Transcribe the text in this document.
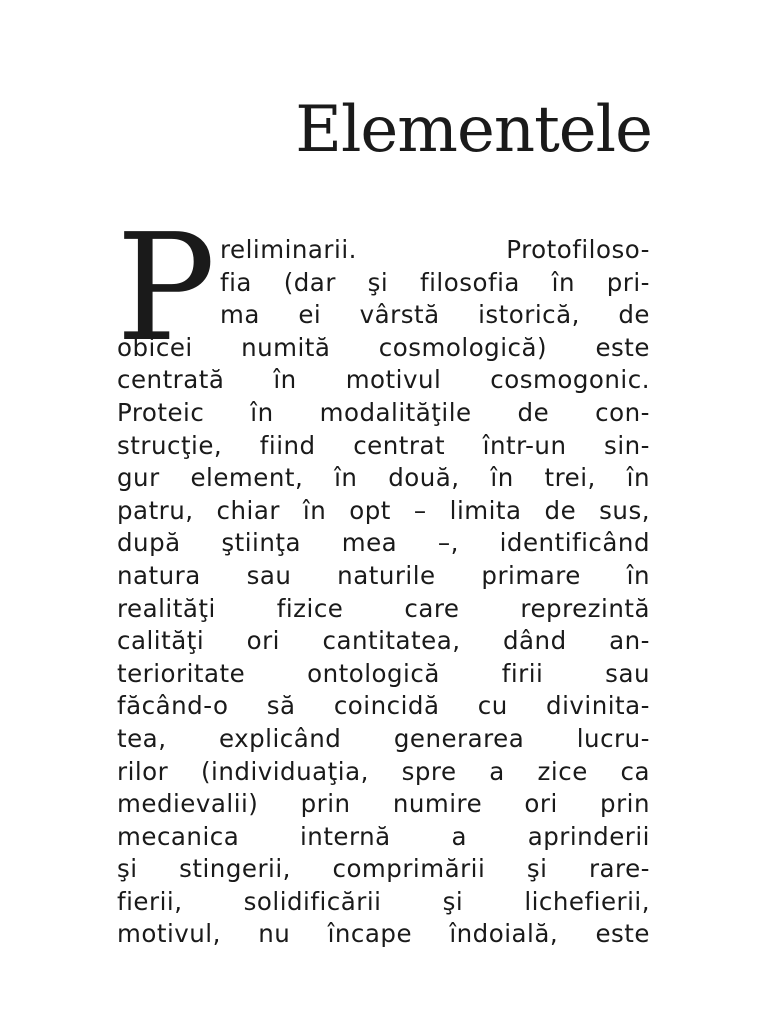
Elementele
P reliminarii. Protofiloso-
fia (dar şi filosofia în pri-
ma ei vârstă istorică, de
obicei numită cosmologică) este
centrată în motivul cosmogonic.
Proteic în modalităţile de con-
strucţie, fiind centrat într-un sin-
gur element, în două, în trei, în
patru, chiar în opt – limita de sus,
după ştiinţa mea –, identificând
natura sau naturile primare în
realităţi fizice care reprezintă
calităţi ori cantitatea, dând an-
terioritate ontologică firii sau
făcând-o să coincidă cu divinita-
tea, explicând generarea lucru-
rilor (individuaţia, spre a zice ca
medievalii) prin numire ori prin
mecanica internă a aprinderii
şi stingerii, comprimării şi rare-
fierii, solidificării şi lichefierii,
motivul, nu încape îndoială, este
